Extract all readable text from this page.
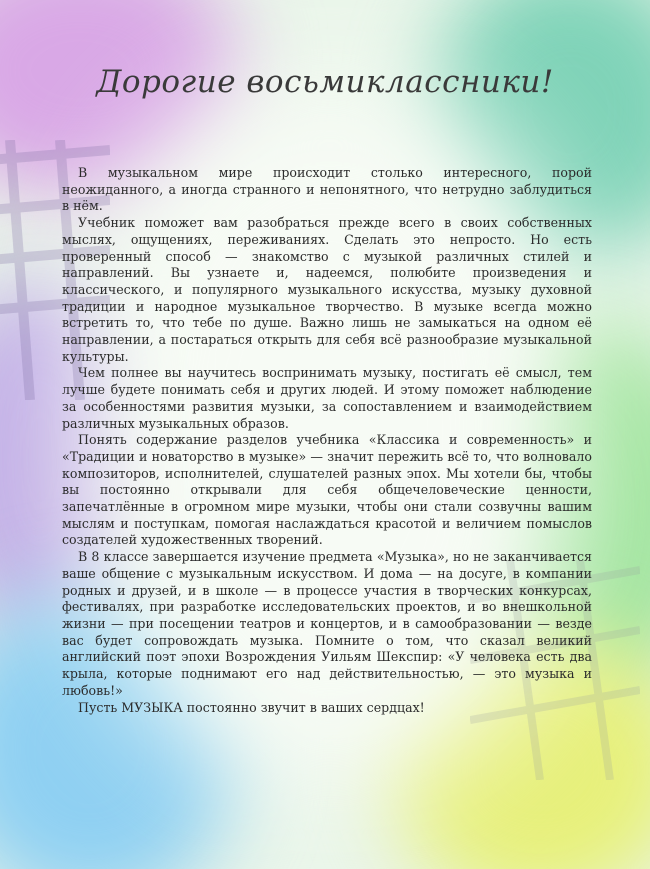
Дорогие восьмиклассники!

В музыкальном мире происходит столько интересного, порой неожиданного, а иногда странного и непонятного, что нетрудно заблудиться в нём.

Учебник поможет вам разобраться прежде всего в своих собственных мыслях, ощущениях, переживаниях. Сделать это непросто. Но есть проверенный способ — знакомство с музыкой различных стилей и направлений. Вы узнаете и, надеемся, полюбите произведения и классического, и популярного музыкального искусства, музыку духовной традиции и народное музыкальное творчество. В музыке всегда можно встретить то, что тебе по душе. Важно лишь не замыкаться на одном её направлении, а постараться открыть для себя всё разнообразие музыкальной культуры.

Чем полнее вы научитесь воспринимать музыку, постигать её смысл, тем лучше будете понимать себя и других людей. И этому поможет наблюдение за особенностями развития музыки, за сопоставлением и взаимодействием различных музыкальных образов.

Понять содержание разделов учебника «Классика и современность» и «Традиции и новаторство в музыке» — значит пережить всё то, что волновало композиторов, исполнителей, слушателей разных эпох. Мы хотели бы, чтобы вы постоянно открывали для себя общечеловеческие ценности, запечатлённые в огромном мире музыки, чтобы они стали созвучны вашим мыслям и поступкам, помогая наслаждаться красотой и величием помыслов создателей художественных творений.

В 8 классе завершается изучение предмета «Музыка», но не заканчивается ваше общение с музыкальным искусством. И дома — на досуге, в компании родных и друзей, и в школе — в процессе участия в творческих конкурсах, фестивалях, при разработке исследовательских проектов, и во внешкольной жизни — при посещении театров и концертов, и в самообразовании — везде вас будет сопровождать музыка. Помните о том, что сказал великий английский поэт эпохи Возрождения Уильям Шекспир: «У человека есть два крыла, которые поднимают его над действительностью, — это музыка и любовь!»

Пусть МУЗЫКА постоянно звучит в ваших сердцах!
